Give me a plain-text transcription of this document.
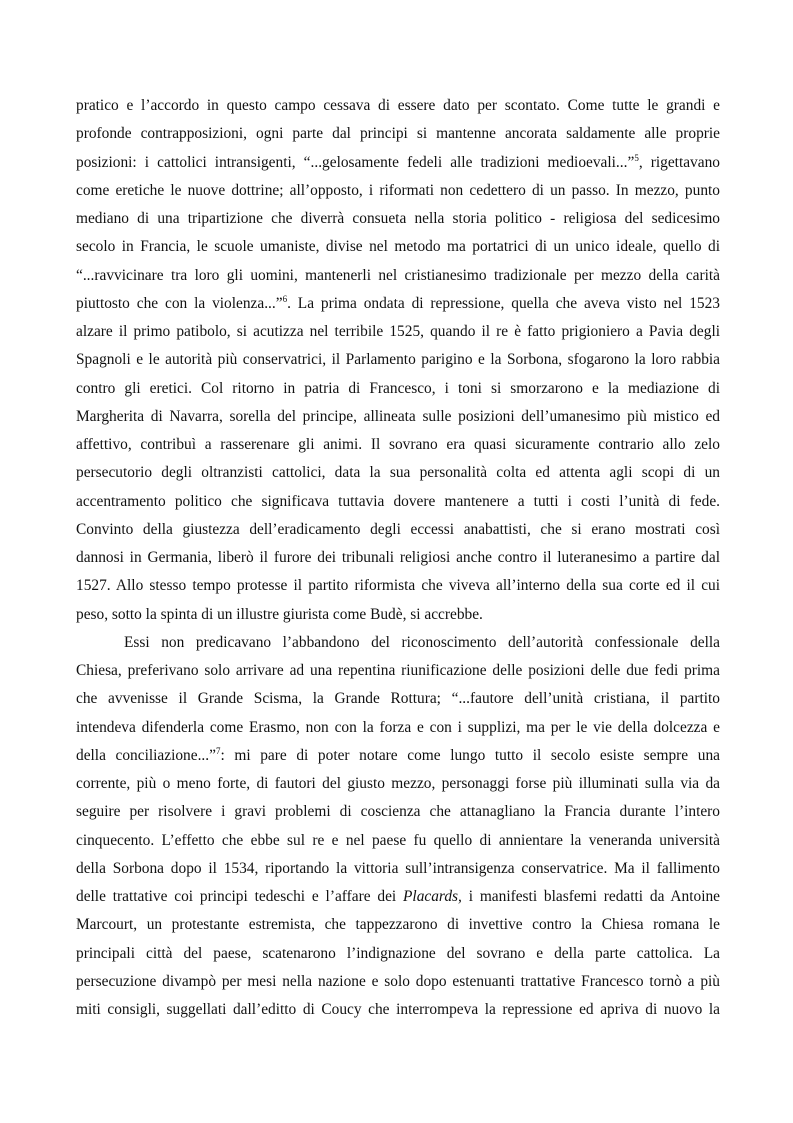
pratico e l’accordo in questo campo cessava di essere dato per scontato. Come tutte le grandi e
profonde contrapposizioni, ogni parte dal principi si mantenne ancorata saldamente alle proprie
posizioni: i cattolici intransigenti, “...gelosamente fedeli alle tradizioni medioevali...”$^5$, rigettavano
come eretiche le nuove dottrine; all’opposto, i riformati non cedettero di un passo. In mezzo, punto
mediano di una tripartizione che diverrà consueta nella storia politico - religiosa del sedicesimo
secolo in Francia, le scuole umaniste, divise nel metodo ma portatrici di un unico ideale, quello di
“...ravvicinare tra loro gli uomini, mantenerli nel cristianesimo tradizionale per mezzo della carità
piuttosto che con la violenza...”$^6$. La prima ondata di repressione, quella che aveva visto nel 1523
alzare il primo patibolo, si acutizza nel terribile 1525, quando il re è fatto prigioniero a Pavia degli
Spagnoli e le autorità più conservatrici, il Parlamento parigino e la Sorbona, sfogarono la loro rabbia
contro gli eretici. Col ritorno in patria di Francesco, i toni si smorzarono e la mediazione di
Margherita di Navarra, sorella del principe, allineata sulle posizioni dell’umanesimo più mistico ed
affettivo, contribuì a rasserenare gli animi. Il sovrano era quasi sicuramente contrario allo zelo
persecutorio degli oltranzisti cattolici, data la sua personalità colta ed attenta agli scopi di un
accentramento politico che significava tuttavia dovere mantenere a tutti i costi l’unità di fede.
Convinto della giustezza dell’eradicamento degli eccessi anabattisti, che si erano mostrati così
dannosi in Germania, liberò il furore dei tribunali religiosi anche contro il luteranesimo a partire dal
1527. Allo stesso tempo protesse il partito riformista che viveva all’interno della sua corte ed il cui
peso, sotto la spinta di un illustre giurista come Budè, si accrebbe.
Essi non predicavano l’abbandono del riconoscimento dell’autorità confessionale della
Chiesa, preferivano solo arrivare ad una repentina riunificazione delle posizioni delle due fedi prima
che avvenisse il Grande Scisma, la Grande Rottura; “...fautore dell’unità cristiana, il partito
intendeva difenderla come Erasmo, non con la forza e con i supplizi, ma per le vie della dolcezza e
della conciliazione...”$^7$: mi pare di poter notare come lungo tutto il secolo esiste sempre una
corrente, più o meno forte, di fautori del giusto mezzo, personaggi forse più illuminati sulla via da
seguire per risolvere i gravi problemi di coscienza che attanagliano la Francia durante l’intero
cinquecento. L’effetto che ebbe sul re e nel paese fu quello di annientare la veneranda università
della Sorbona dopo il 1534, riportando la vittoria sull’intransigenza conservatrice. Ma il fallimento
delle trattative coi principi tedeschi e l’affare dei Placards, i manifesti blasfemi redatti da Antoine
Marcourt, un protestante estremista, che tappezzarono di invettive contro la Chiesa romana le
principali città del paese, scatenarono l’indignazione del sovrano e della parte cattolica. La
persecuzione divampò per mesi nella nazione e solo dopo estenuanti trattative Francesco tornò a più
miti consigli, suggellati dall’editto di Coucy che interrompeva la repressione ed apriva di nuovo la
